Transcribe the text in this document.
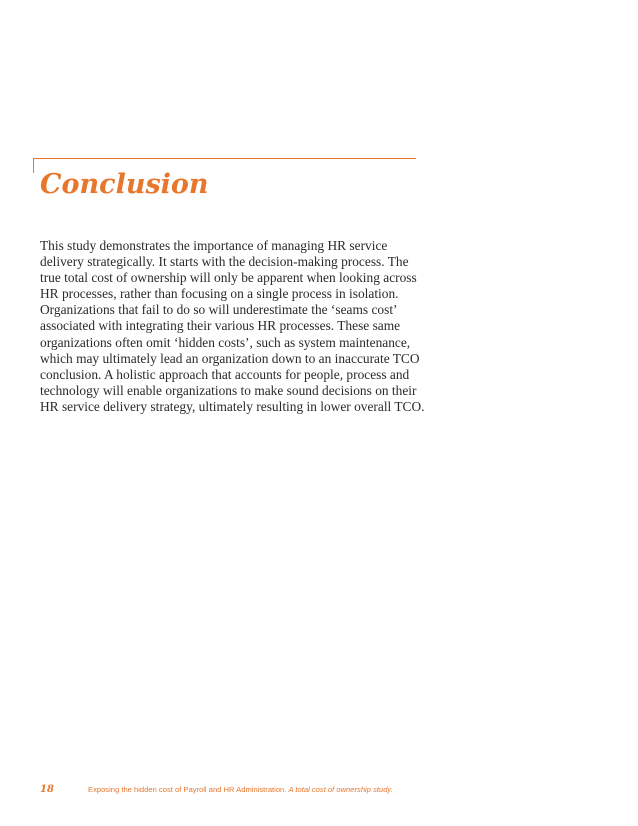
Conclusion
This study demonstrates the importance of managing HR service
delivery strategically. It starts with the decision-making process. The
true total cost of ownership will only be apparent when looking across
HR processes, rather than focusing on a single process in isolation.
Organizations that fail to do so will underestimate the ‘seams cost’
associated with integrating their various HR processes. These same
organizations often omit ‘hidden costs’, such as system maintenance,
which may ultimately lead an organization down to an inaccurate TCO
conclusion. A holistic approach that accounts for people, process and
technology will enable organizations to make sound decisions on their
HR service delivery strategy, ultimately resulting in lower overall TCO.
18	Exposing the hidden cost of Payroll and HR Administration. A total cost of ownership study.
